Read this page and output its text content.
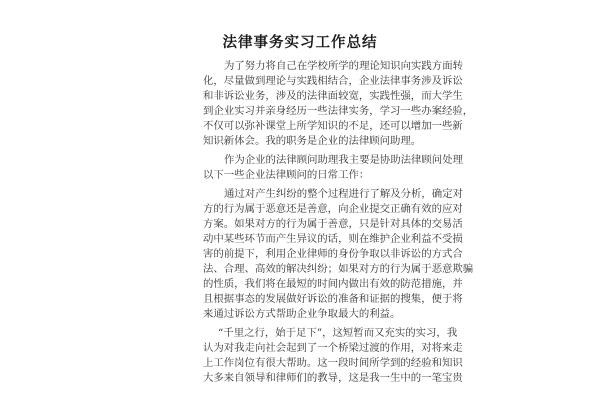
法律事务实习工作总结
为了努力将自己在学校所学的理论知识向实践方面转
化，尽量做到理论与实践相结合，企业法律事务涉及诉讼
和非诉讼业务，涉及的法律面较宽，实践性强，而大学生
到企业实习并亲身经历一些法律实务，学习一些办案经验，
不仅可以弥补课堂上所学知识的不足，还可以增加一些新
知识新体会。我的职务是企业的法律顾问助理。
作为企业的法律顾问助理我主要是协助法律顾问处理
以下一些企业法律顾问的日常工作：
通过对产生纠纷的整个过程进行了解及分析，确定对
方的行为属于恶意还是善意，向企业提交正确有效的应对
方案。如果对方的行为属于善意，只是针对具体的交易活
动中某些环节而产生异议的话，则在维护企业利益不受损
害的前提下，利用企业律师的身份争取以非诉讼的方式合
法、合理、高效的解决纠纷；如果对方的行为属于恶意欺骗
的性质，我们将在最短的时间内做出有效的防范措施，并
且根据事态的发展做好诉讼的准备和证据的搜集，便于将
来通过诉讼方式帮助企业争取最大的利益。
“千里之行，始于足下”，这短暂而又充实的实习，我
认为对我走向社会起到了一个桥梁过渡的作用，对将来走
上工作岗位有很大帮助。这一段时间所学到的经验和知识
大多来自领导和律师们的教导，这是我一生中的一笔宝贵
